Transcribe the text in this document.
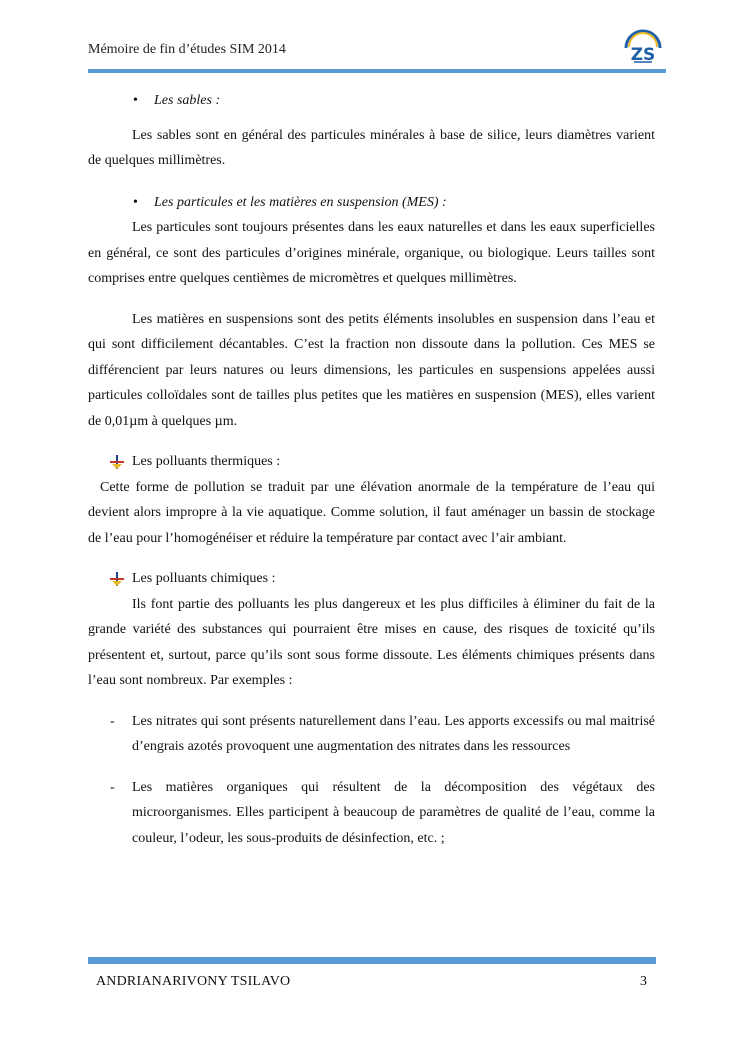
Mémoire de fin d’études SIM 2014	ZS

• Les sables :

Les sables sont en général des particules minérales à base de silice, leurs diamètres varient de quelques millimètres.

• Les particules et les matières en suspension (MES) :

Les particules sont toujours présentes dans les eaux naturelles et dans les eaux superficielles en général, ce sont des particules d’origines minérale, organique, ou biologique. Leurs tailles sont comprises entre quelques centièmes de micromètres et quelques millimètres.

Les matières en suspensions sont des petits éléments insolubles en suspension dans l’eau et qui sont difficilement décantables. C’est la fraction non dissoute dans la pollution. Ces MES se différencient par leurs natures ou leurs dimensions, les particules en suspensions appelées aussi particules colloïdales sont de tailles plus petites que les matières en suspension (MES), elles varient de 0,01µm à quelques µm.

Les polluants thermiques :

Cette forme de pollution se traduit par une élévation anormale de la température de l’eau qui devient alors impropre à la vie aquatique. Comme solution, il faut aménager un bassin de stockage de l’eau pour l’homogénéiser et réduire la température par contact avec l’air ambiant.

Les polluants chimiques :

Ils font partie des polluants les plus dangereux et les plus difficiles à éliminer du fait de la grande variété des substances qui pourraient être mises en cause, des risques de toxicité qu’ils présentent et, surtout, parce qu’ils sont sous forme dissoute. Les éléments chimiques présents dans l’eau sont nombreux. Par exemples :

- Les nitrates qui sont présents naturellement dans l’eau. Les apports excessifs ou mal maitrisé d’engrais azotés provoquent une augmentation des nitrates dans les ressources

- Les matières organiques qui résultent de la décomposition des végétaux des microorganismes. Elles participent à beaucoup de paramètres de qualité de l’eau, comme la couleur, l’odeur, les sous-produits de désinfection, etc. ;

ANDRIANARIVONY TSILAVO	3
